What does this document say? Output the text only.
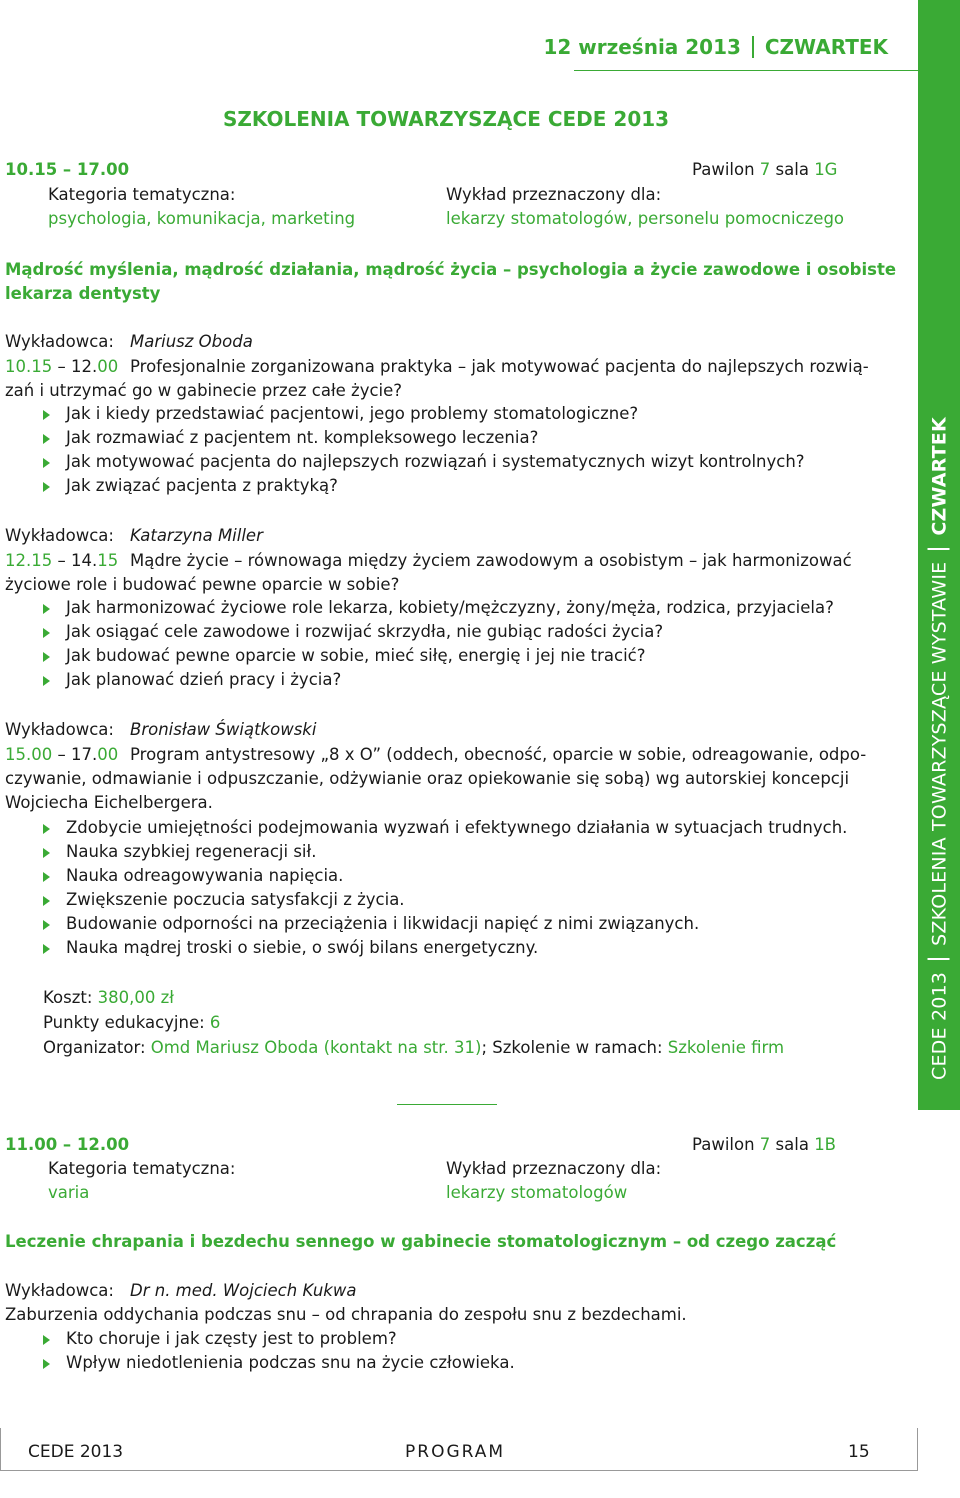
CEDE 2013SZKOLENIA TOWARZYSZĄCE WYSTAWIECZWARTEK
12 września 2013 CZWARTEK
SZKOLENIA TOWARZYSZĄCE CEDE 2013
10.15 – 17.00	Pawilon 7 sala 1G
Kategoria tematyczna:
psychologia, komunikacja, marketing
Wykład przeznaczony dla:
lekarzy stomatologów, personelu pomocniczego
Mądrość myślenia, mądrość działania, mądrość życia – psychologia a życie zawodowe i osobiste
lekarza dentysty
Wykładowca: Mariusz Oboda
10.15 – 12.00 Profesjonalnie zorganizowana praktyka – jak motywować pacjenta do najlepszych rozwią-
zań i utrzymać go w gabinecie przez całe życie?
Jak i kiedy przedstawiać pacjentowi, jego problemy stomatologiczne?
Jak rozmawiać z pacjentem nt. kompleksowego leczenia?
Jak motywować pacjenta do najlepszych rozwiązań i systematycznych wizyt kontrolnych?
Jak związać pacjenta z praktyką?
Wykładowca: Katarzyna Miller
12.15 – 14.15 Mądre życie – równowaga między życiem zawodowym a osobistym – jak harmonizować
życiowe role i budować pewne oparcie w sobie?
Jak harmonizować życiowe role lekarza, kobiety/mężczyzny, żony/męża, rodzica, przyjaciela?
Jak osiągać cele zawodowe i rozwijać skrzydła, nie gubiąc radości życia?
Jak budować pewne oparcie w sobie, mieć siłę, energię i jej nie tracić?
Jak planować dzień pracy i życia?
Wykładowca: Bronisław Świątkowski
15.00 – 17.00 Program antystresowy „8 x O” (oddech, obecność, oparcie w sobie, odreagowanie, odpo-
czywanie, odmawianie i odpuszczanie, odżywianie oraz opiekowanie się sobą) wg autorskiej koncepcji
Wojciecha Eichelbergera.
Zdobycie umiejętności podejmowania wyzwań i efektywnego działania w sytuacjach trudnych.
Nauka szybkiej regeneracji sił.
Nauka odreagowywania napięcia.
Zwiększenie poczucia satysfakcji z życia.
Budowanie odporności na przeciążenia i likwidacji napięć z nimi związanych.
Nauka mądrej troski o siebie, o swój bilans energetyczny.
Koszt: 380,00 zł
Punkty edukacyjne: 6
Organizator: Omd Mariusz Oboda (kontakt na str. 31); Szkolenie w ramach: Szkolenie firm
11.00 – 12.00	Pawilon 7 sala 1B
Kategoria tematyczna:
varia
Wykład przeznaczony dla:
lekarzy stomatologów
Leczenie chrapania i bezdechu sennego w gabinecie stomatologicznym – od czego zacząć
Wykładowca: Dr n. med. Wojciech Kukwa
Zaburzenia oddychania podczas snu – od chrapania do zespołu snu z bezdechami.
Kto choruje i jak częsty jest to problem?
Wpływ niedotlenienia podczas snu na życie człowieka.
CEDE 2013	PROGRAM	15
